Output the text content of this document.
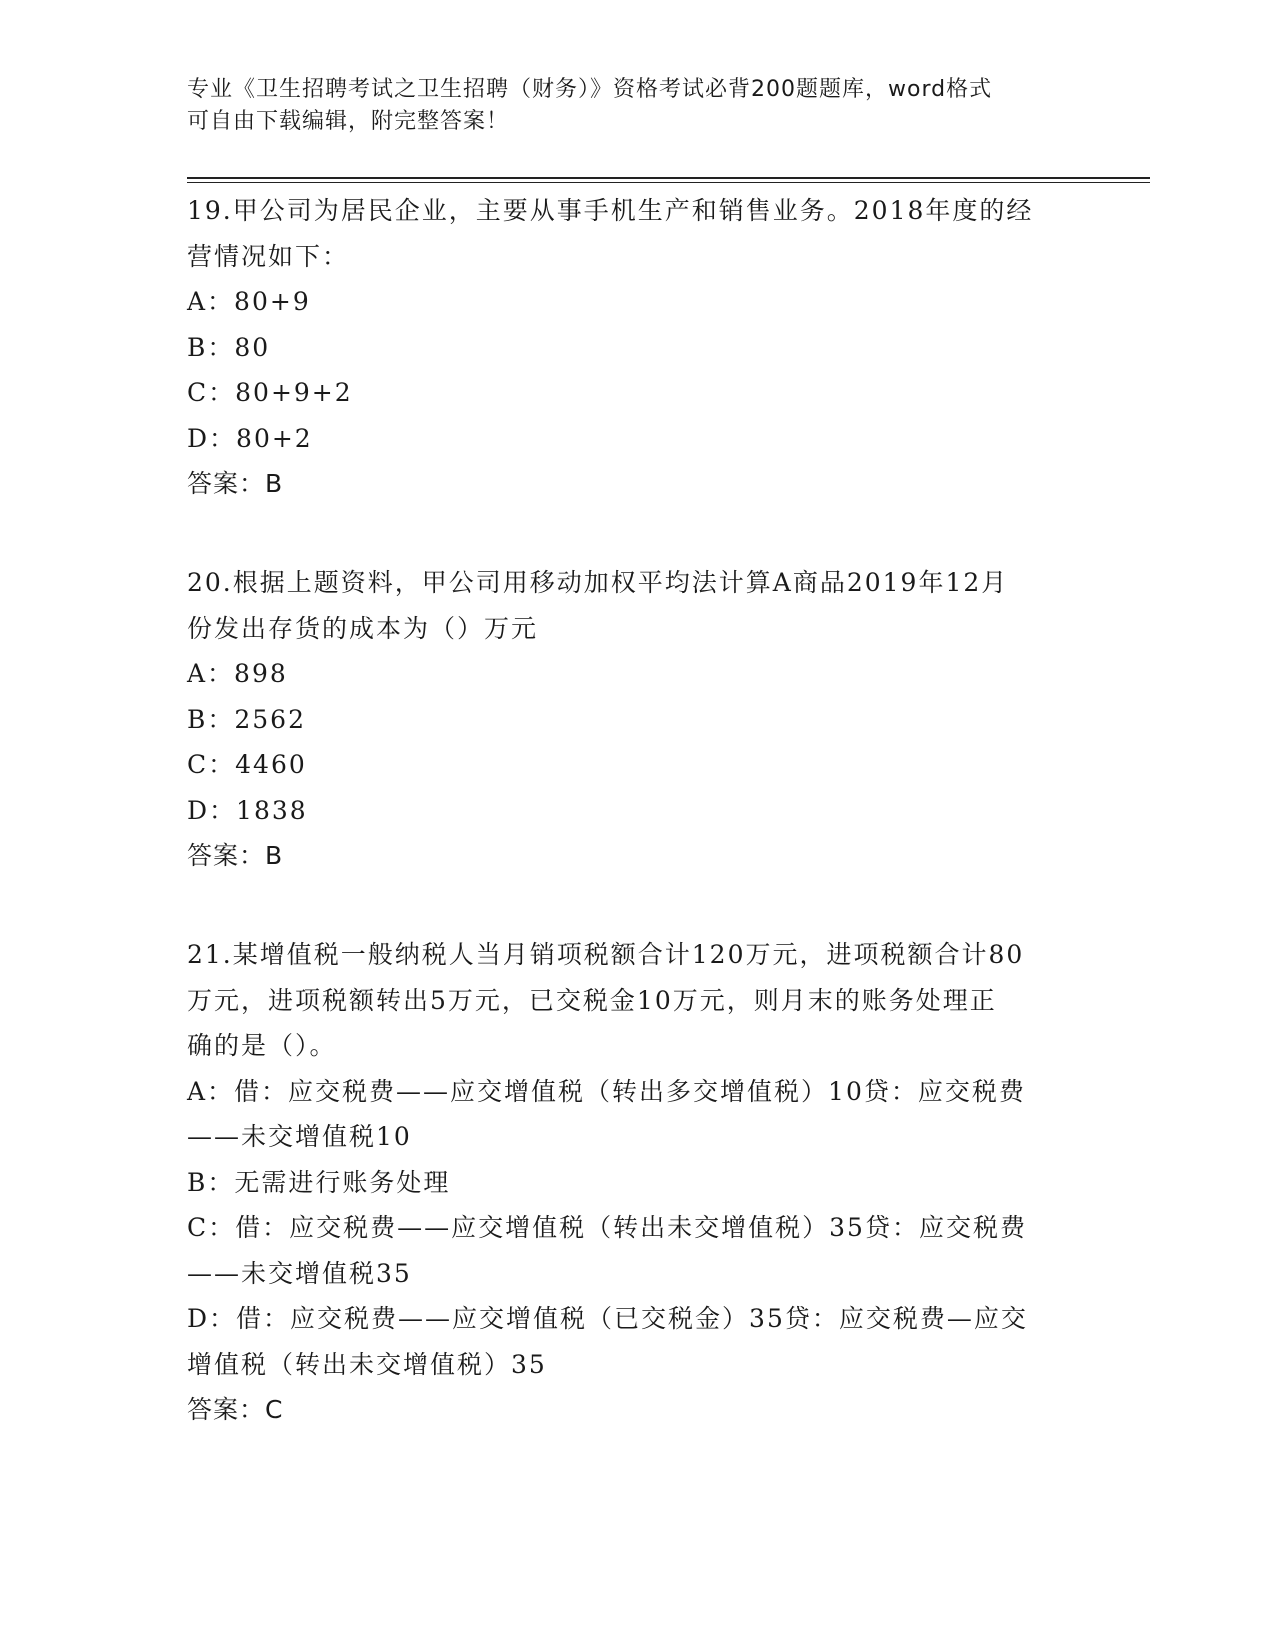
专业《卫生招聘考试之卫生招聘（财务）》资格考试必背200题题库，word格式
可自由下载编辑，附完整答案！
19.甲公司为居民企业，主要从事手机生产和销售业务。2018年度的经
营情况如下：
A：80+9
B：80
C：80+9+2
D：80+2
答案：B
20.根据上题资料，甲公司用移动加权平均法计算A商品2019年12月
份发出存货的成本为（）万元
A：898
B：2562
C：4460
D：1838
答案：B
21.某增值税一般纳税人当月销项税额合计120万元，进项税额合计80
万元，进项税额转出5万元，已交税金10万元，则月末的账务处理正
确的是（）。
A：借：应交税费——应交增值税（转出多交增值税）10贷：应交税费
——未交增值税10
B：无需进行账务处理
C：借：应交税费——应交增值税（转出未交增值税）35贷：应交税费
——未交增值税35
D：借：应交税费——应交增值税（已交税金）35贷：应交税费—应交
增值税（转出未交增值税）35
答案：C
